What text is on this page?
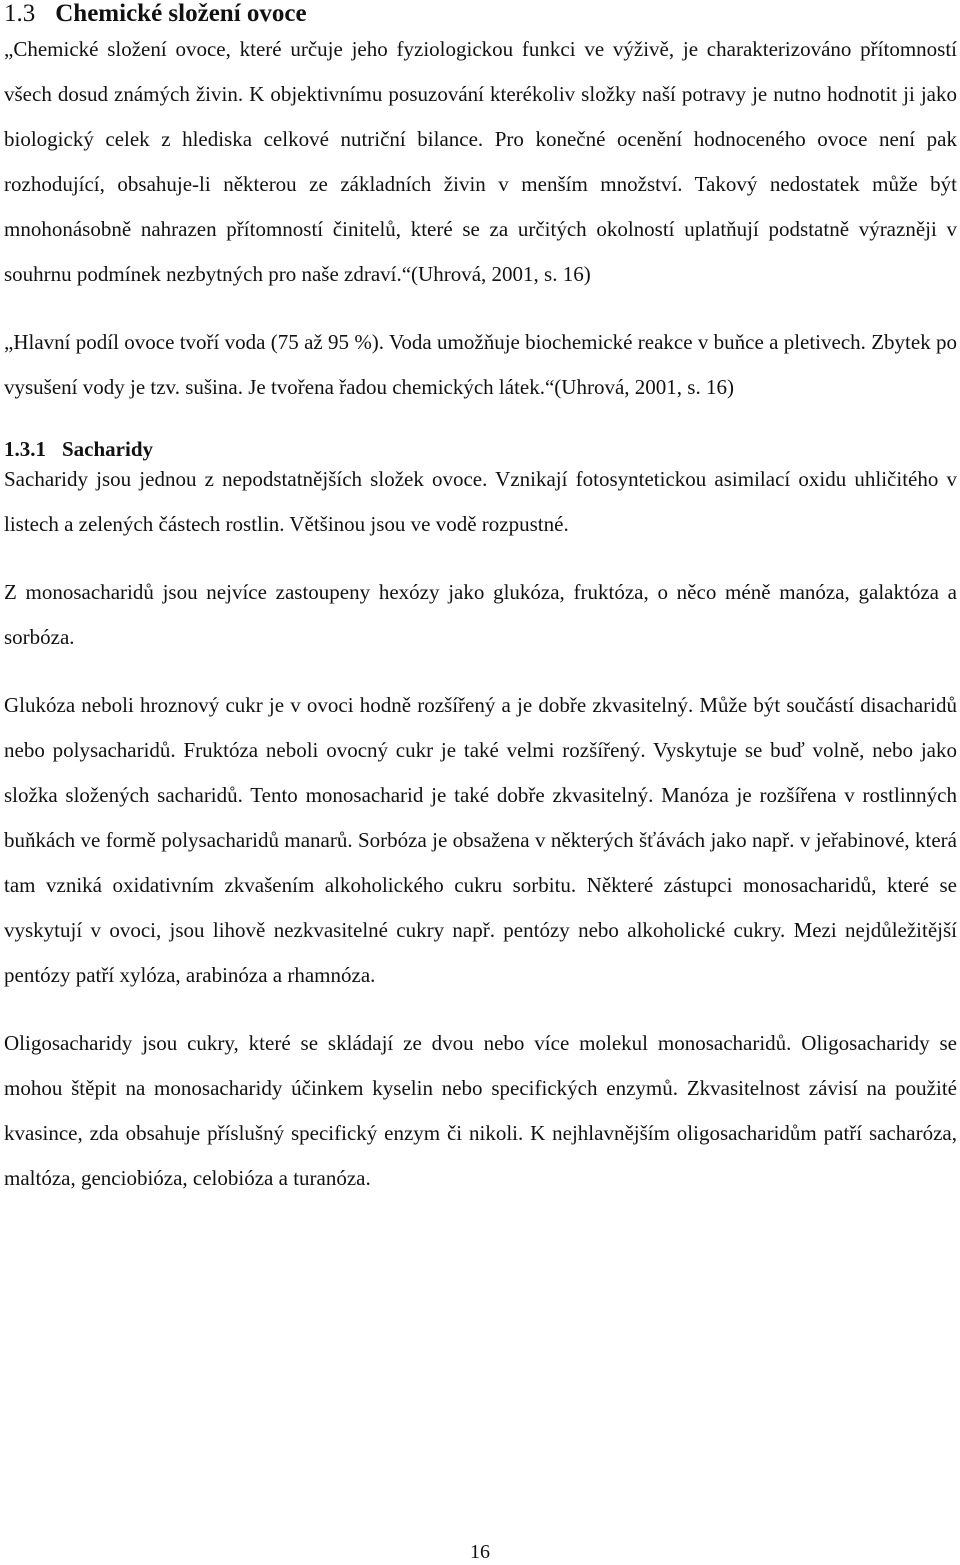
1.3 Chemické složení ovoce

„Chemické složení ovoce, které určuje jeho fyziologickou funkci ve výživě, je charakterizováno přítomností všech dosud známých živin. K objektivnímu posuzování kterékoliv složky naší potravy je nutno hodnotit ji jako biologický celek z hlediska celkové nutriční bilance. Pro konečné ocenění hodnoceného ovoce není pak rozhodující, obsahuje-li některou ze základních živin v menším množství. Takový nedostatek může být mnohonásobně nahrazen přítomností činitelů, které se za určitých okolností uplatňují podstatně výrazněji v souhrnu podmínek nezbytných pro naše zdraví.“(Uhrová, 2001, s. 16)

„Hlavní podíl ovoce tvoří voda (75 až 95 %). Voda umožňuje biochemické reakce v buňce a pletivech. Zbytek po vysušení vody je tzv. sušina. Je tvořena řadou chemických látek.“(Uhrová, 2001, s. 16)

1.3.1 Sacharidy

Sacharidy jsou jednou z nepodstatnějších složek ovoce. Vznikají fotosyntetickou asimilací oxidu uhličitého v listech a zelených částech rostlin. Většinou jsou ve vodě rozpustné.

Z monosacharidů jsou nejvíce zastoupeny hexózy jako glukóza, fruktóza, o něco méně manóza, galaktóza a sorbóza.

Glukóza neboli hroznový cukr je v ovoci hodně rozšířený a je dobře zkvasitelný. Může být součástí disacharidů nebo polysacharidů. Fruktóza neboli ovocný cukr je také velmi rozšířený. Vyskytuje se buď volně, nebo jako složka složených sacharidů. Tento monosacharid je také dobře zkvasitelný. Manóza je rozšířena v rostlinných buňkách ve formě polysacharidů manarů. Sorbóza je obsažena v některých šťávách jako např. v jeřabinové, která tam vzniká oxidativním zkvašením alkoholického cukru sorbitu. Některé zástupci monosacharidů, které se vyskytují v ovoci, jsou lihově nezkvasitelné cukry např. pentózy nebo alkoholické cukry. Mezi nejdůležitější pentózy patří xylóza, arabinóza a rhamnóza.

Oligosacharidy jsou cukry, které se skládají ze dvou nebo více molekul monosacharidů. Oligosacharidy se mohou štěpit na monosacharidy účinkem kyselin nebo specifických enzymů. Zkvasitelnost závisí na použité kvasince, zda obsahuje příslušný specifický enzym či nikoli. K nejhlavnějším oligosacharidům patří sacharóza, maltóza, genciobióza, celobióza a turanóza.

16
